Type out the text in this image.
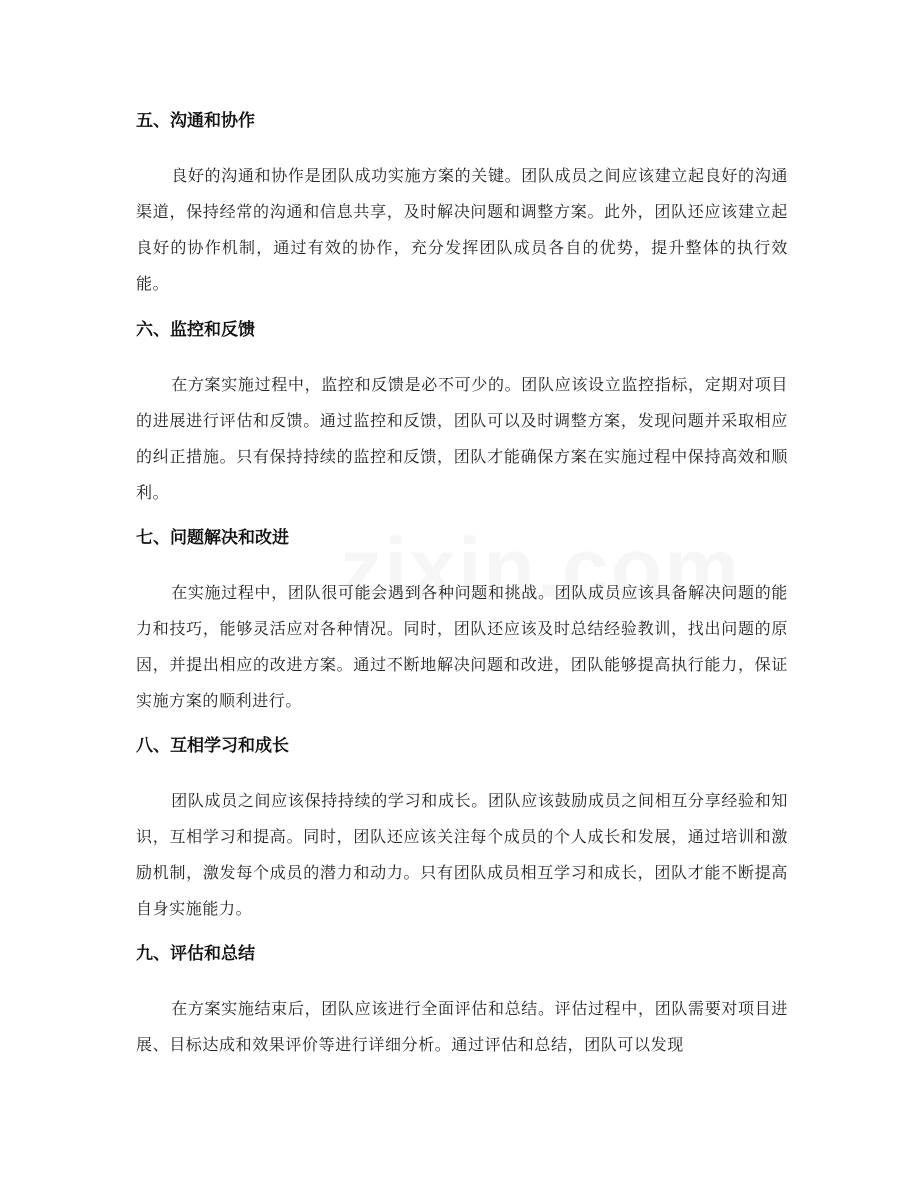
五、沟通和协作

良好的沟通和协作是团队成功实施方案的关键。团队成员之间应该建立起良好的沟通渠道，保持经常的沟通和信息共享，及时解决问题和调整方案。此外，团队还应该建立起良好的协作机制，通过有效的协作，充分发挥团队成员各自的优势，提升整体的执行效能。

六、监控和反馈

在方案实施过程中，监控和反馈是必不可少的。团队应该设立监控指标，定期对项目的进展进行评估和反馈。通过监控和反馈，团队可以及时调整方案，发现问题并采取相应的纠正措施。只有保持持续的监控和反馈，团队才能确保方案在实施过程中保持高效和顺利。

七、问题解决和改进

在实施过程中，团队很可能会遇到各种问题和挑战。团队成员应该具备解决问题的能力和技巧，能够灵活应对各种情况。同时，团队还应该及时总结经验教训，找出问题的原因，并提出相应的改进方案。通过不断地解决问题和改进，团队能够提高执行能力，保证实施方案的顺利进行。

八、互相学习和成长

团队成员之间应该保持持续的学习和成长。团队应该鼓励成员之间相互分享经验和知识，互相学习和提高。同时，团队还应该关注每个成员的个人成长和发展，通过培训和激励机制，激发每个成员的潜力和动力。只有团队成员相互学习和成长，团队才能不断提高自身实施能力。

九、评估和总结

在方案实施结束后，团队应该进行全面评估和总结。评估过程中，团队需要对项目进展、目标达成和效果评价等进行详细分析。通过评估和总结，团队可以发现
